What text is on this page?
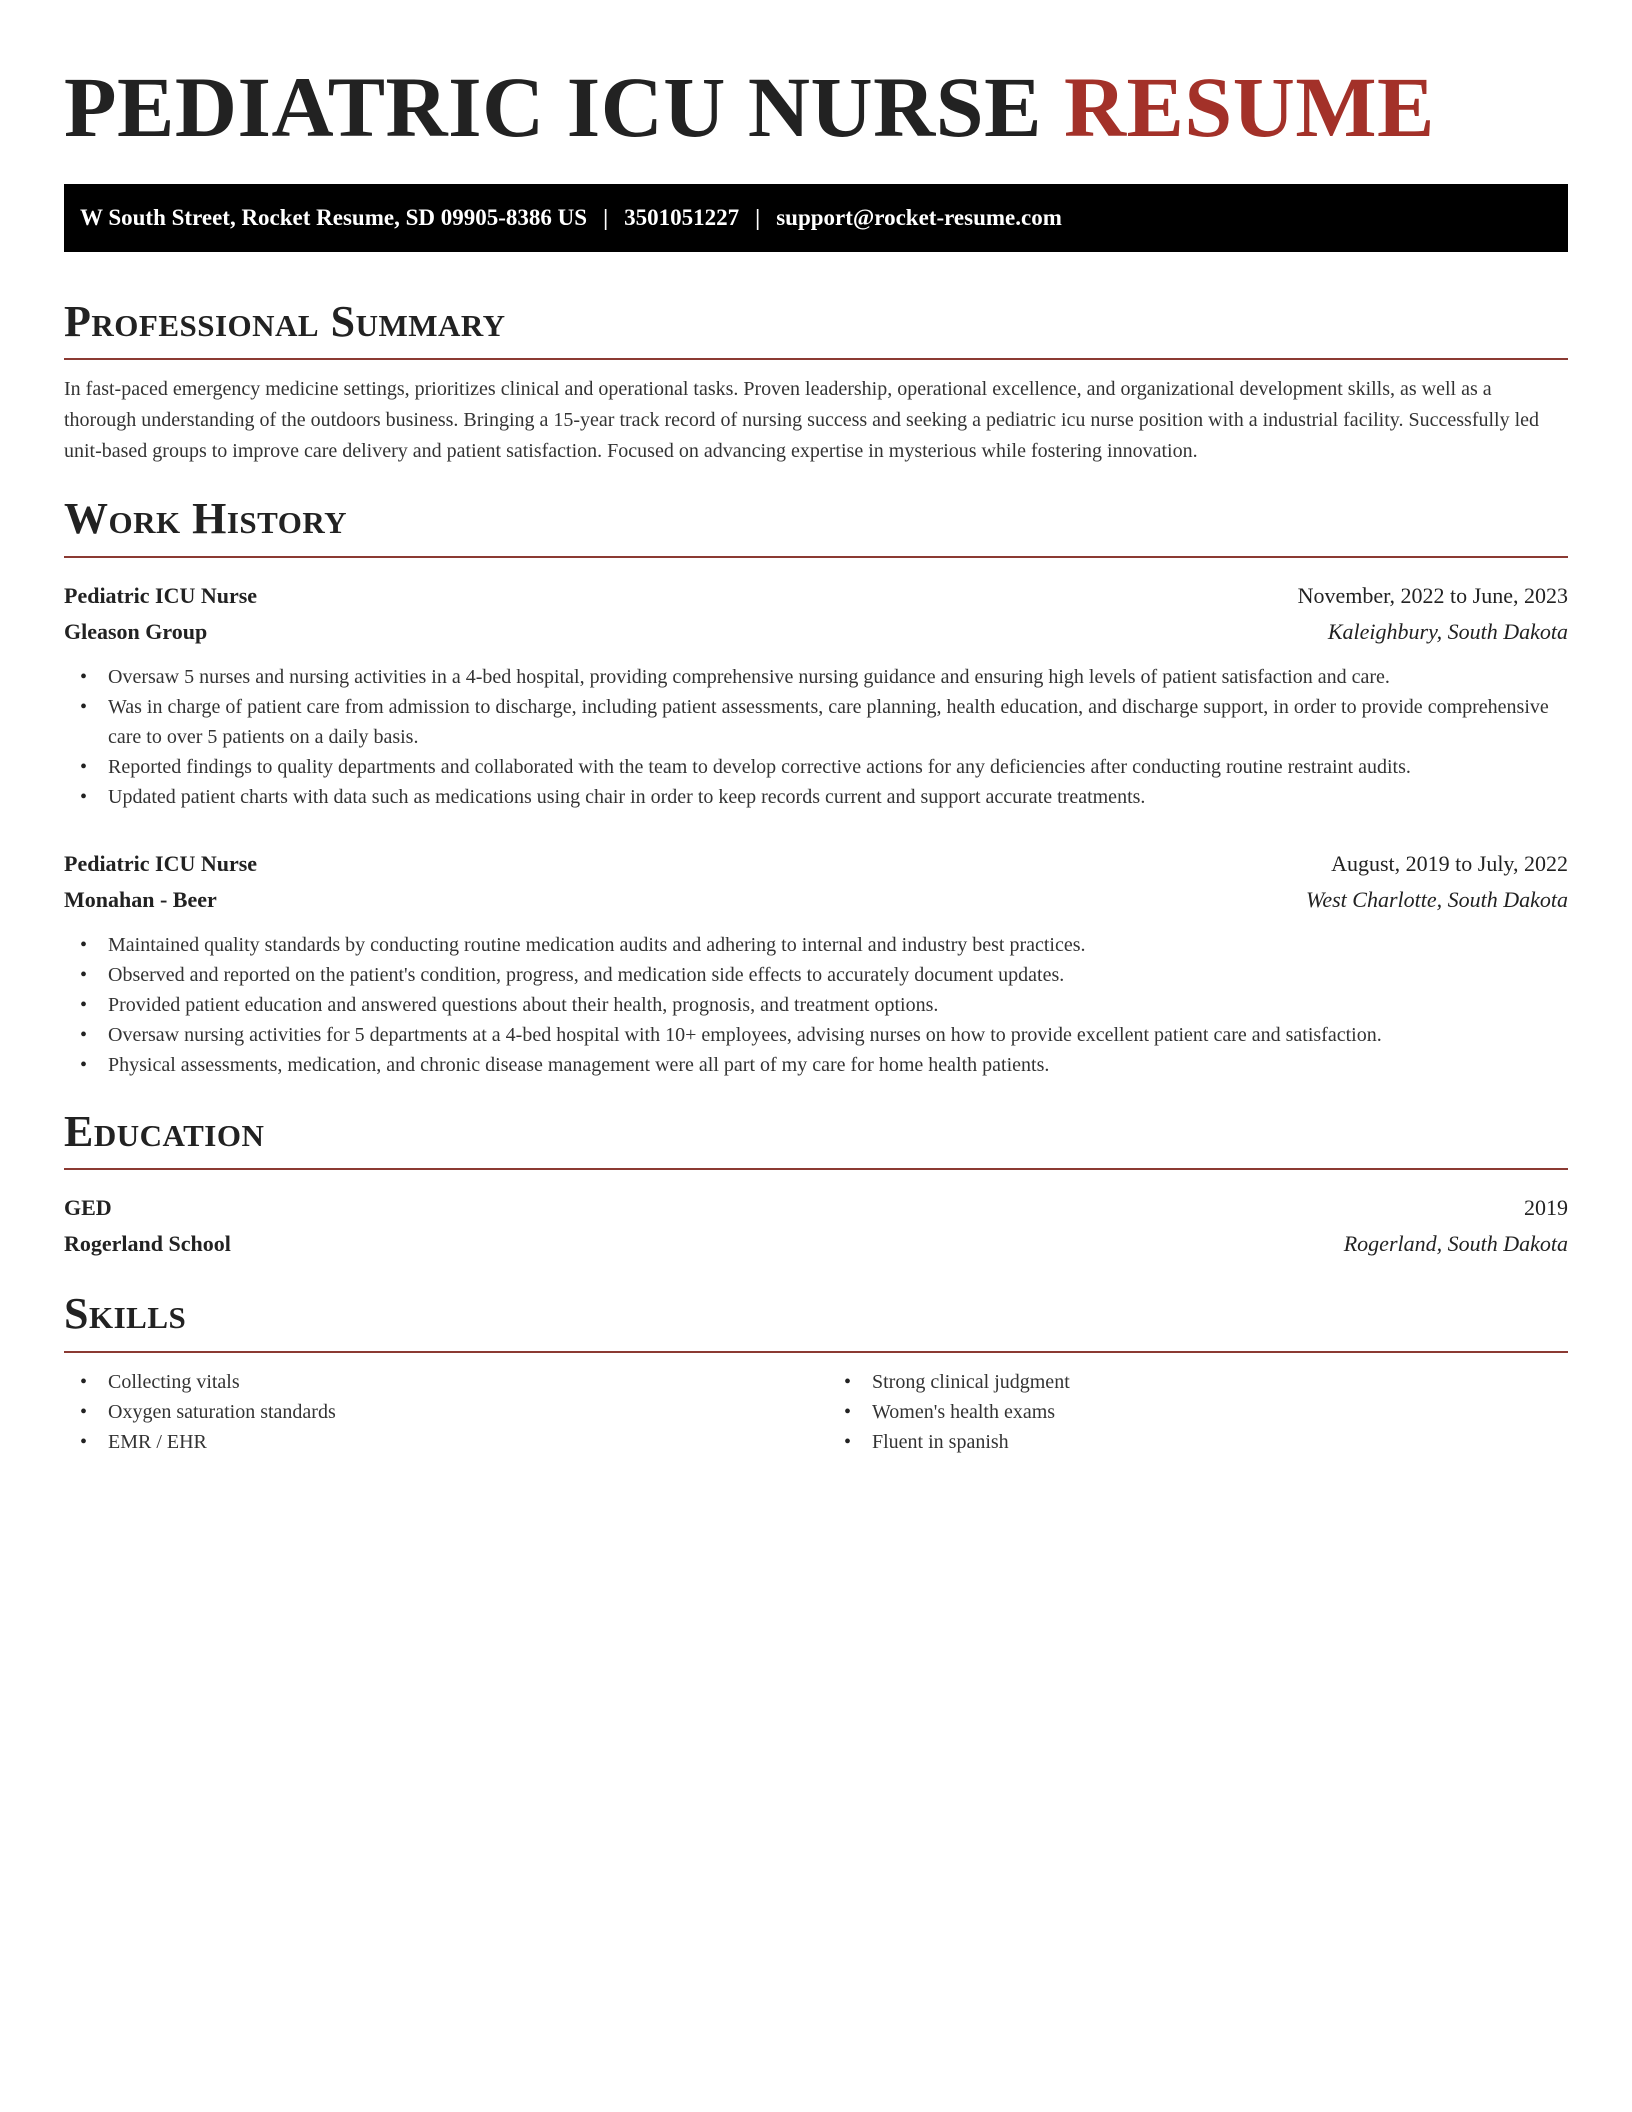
PEDIATRIC ICU NURSE RESUME
W South Street, Rocket Resume, SD 09905-8386 US | 3501051227 | support@rocket-resume.com
Professional Summary

In fast-paced emergency medicine settings, prioritizes clinical and operational tasks. Proven leadership, operational excellence, and organizational development skills, as well as a thorough understanding of the outdoors business. Bringing a 15-year track record of nursing success and seeking a pediatric icu nurse position with a industrial facility. Successfully led unit-based groups to improve care delivery and patient satisfaction. Focused on advancing expertise in mysterious while fostering innovation.

Work History
Pediatric ICU Nurse	November, 2022 to June, 2023
Gleason Group	Kaleighbury, South Dakota
• Oversaw 5 nurses and nursing activities in a 4-bed hospital, providing comprehensive nursing guidance and ensuring high levels of patient satisfaction and care.
• Was in charge of patient care from admission to discharge, including patient assessments, care planning, health education, and discharge support, in order to provide comprehensive care to over 5 patients on a daily basis.
• Reported findings to quality departments and collaborated with the team to develop corrective actions for any deficiencies after conducting routine restraint audits.
• Updated patient charts with data such as medications using chair in order to keep records current and support accurate treatments.
Pediatric ICU Nurse	August, 2019 to July, 2022
Monahan - Beer	West Charlotte, South Dakota
• Maintained quality standards by conducting routine medication audits and adhering to internal and industry best practices.
• Observed and reported on the patient's condition, progress, and medication side effects to accurately document updates.
• Provided patient education and answered questions about their health, prognosis, and treatment options.
• Oversaw nursing activities for 5 departments at a 4-bed hospital with 10+ employees, advising nurses on how to provide excellent patient care and satisfaction.
• Physical assessments, medication, and chronic disease management were all part of my care for home health patients.
Education
GED	2019
Rogerland School	Rogerland, South Dakota
Skills
• Collecting vitals
• Oxygen saturation standards
• EMR / EHR
• Strong clinical judgment
• Women's health exams
• Fluent in spanish
